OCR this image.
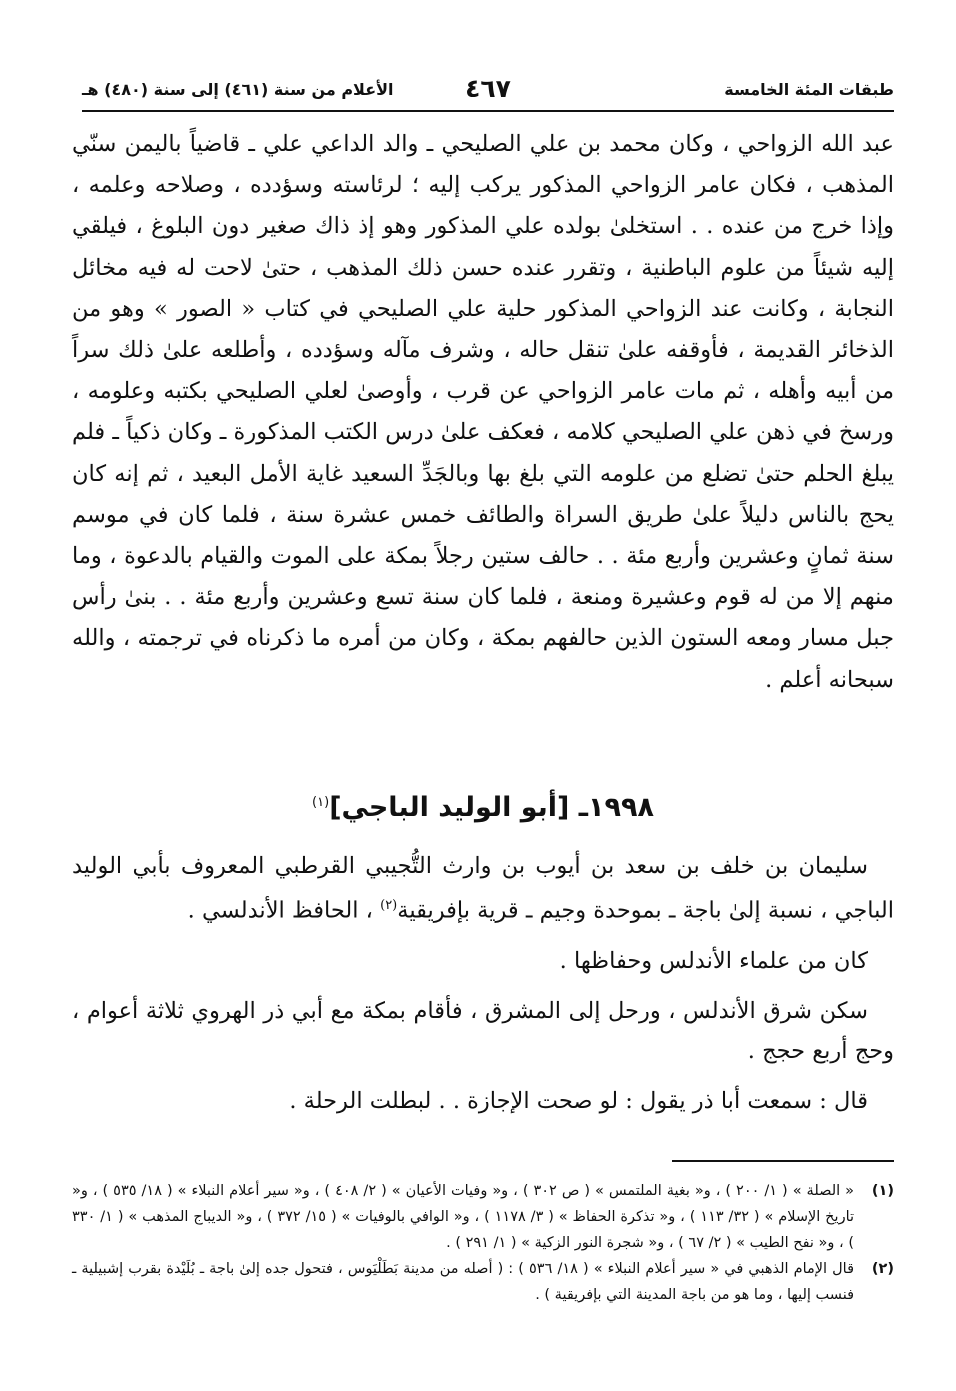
طبقات المئة الخامسة
٤٦٧
الأعلام من سنة (٤٦١) إلى سنة (٤٨٠) هـ

عبد الله الزواحي ، وكان محمد بن علي الصليحي ـ والد الداعي علي ـ قاضياً باليمن سنّي المذهب ، فكان عامر الزواحي المذكور يركب إليه ؛ لرئاسته وسؤدده ، وصلاحه وعلمه ، وإذا خرج من عنده . . استخلىٰ بولده علي المذكور وهو إذ ذاك صغير دون البلوغ ، فيلقي إليه شيئاً من علوم الباطنية ، وتقرر عنده حسن ذلك المذهب ، حتىٰ لاحت له فيه مخائل النجابة ، وكانت عند الزواحي المذكور حلية علي الصليحي في كتاب « الصور » وهو من الذخائر القديمة ، فأوقفه علىٰ تنقل حاله ، وشرف مآله وسؤدده ، وأطلعه علىٰ ذلك سراً من أبيه وأهله ، ثم مات عامر الزواحي عن قرب ، وأوصىٰ لعلي الصليحي بكتبه وعلومه ، ورسخ في ذهن علي الصليحي كلامه ، فعكف علىٰ درس الكتب المذكورة ـ وكان ذكياً ـ فلم يبلغ الحلم حتىٰ تضلع من علومه التي بلغ بها وبالجَدِّ السعيد غاية الأمل البعيد ، ثم إنه كان يحج بالناس دليلاً علىٰ طريق السراة والطائف خمس عشرة سنة ، فلما كان في موسم سنة ثمانٍ وعشرين وأربع مئة . . حالف ستين رجلاً بمكة على الموت والقيام بالدعوة ، وما منهم إلا من له قوم وعشيرة ومنعة ، فلما كان سنة تسع وعشرين وأربع مئة . . بنىٰ رأس جبل مسار ومعه الستون الذين حالفهم بمكة ، وكان من أمره ما ذكرناه في ترجمته ، والله سبحانه أعلم .

١٩٩٨ـ [أبو الوليد الباجي]$^{(١)}$

سليمان بن خلف بن سعد بن أيوب بن وارث التُّجيبي القرطبي المعروف بأبي الوليد الباجي ، نسبة إلىٰ باجة ـ بموحدة وجيم ـ قرية بإفريقية$^{(٢)}$ ، الحافظ الأندلسي .

كان من علماء الأندلس وحفاظها .

سكن شرق الأندلس ، ورحل إلى المشرق ، فأقام بمكة مع أبي ذر الهروي ثلاثة أعوام ، وحج أربع حجج .

قال : سمعت أبا ذر يقول : لو صحت الإجازة . . لبطلت الرحلة .

(١)
« الصلة » ( ١/ ٢٠٠ ) ، و« بغية الملتمس » ( ص ٣٠٢ ) ، و« وفيات الأعيان » ( ٢/ ٤٠٨ ) ، و« سير أعلام النبلاء » ( ١٨/ ٥٣٥ ) ، و« تاريخ الإسلام » ( ٣٢/ ١١٣ ) ، و« تذكرة الحفاظ » ( ٣/ ١١٧٨ ) ، و« الوافي بالوفيات » ( ١٥/ ٣٧٢ ) ، و« الديباج المذهب » ( ١/ ٣٣٠ ) ، و« نفح الطيب » ( ٢/ ٦٧ ) ، و« شجرة النور الزكية » ( ١/ ٢٩١ ) .
(٢)
قال الإمام الذهبي في « سير أعلام النبلاء » ( ١٨/ ٥٣٦ ) : ( أصله من مدينة بَطَلْيَوس ، فتحول جده إلىٰ باجة ـ بُلَيْدة بقرب إشبيلية ـ فنسب إليها ، وما هو من باجة المدينة التي بإفريقية ) .
